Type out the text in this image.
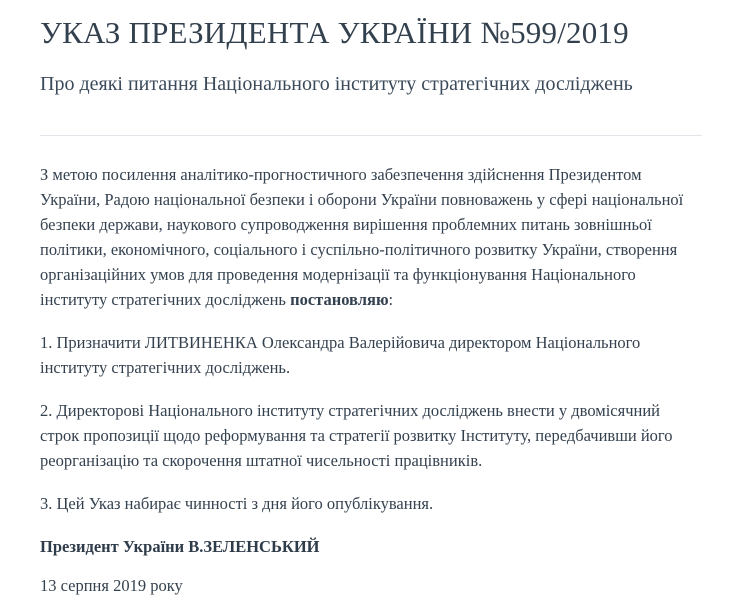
УКАЗ ПРЕЗИДЕНТА УКРАЇНИ №599/2019
Про деякі питання Національного інституту стратегічних досліджень

З метою посилення аналітико-прогностичного забезпечення здійснення Президентом України, Радою національної безпеки і оборони України повноважень у сфері національної безпеки держави, наукового супроводження вирішення проблемних питань зовнішньої політики, економічного, соціального і суспільно-політичного розвитку України, створення організаційних умов для проведення модернізації та функціонування Національного інституту стратегічних досліджень постановляю:

1. Призначити ЛИТВИНЕНКА Олександра Валерійовича директором Національного інституту стратегічних досліджень.

2. Директорові Національного інституту стратегічних досліджень внести у двомісячний строк пропозиції щодо реформування та стратегії розвитку Інституту, передбачивши його реорганізацію та скорочення штатної чисельності працівників.

3. Цей Указ набирає чинності з дня його опублікування.

Президент України В.ЗЕЛЕНСЬКИЙ

13 серпня 2019 року
